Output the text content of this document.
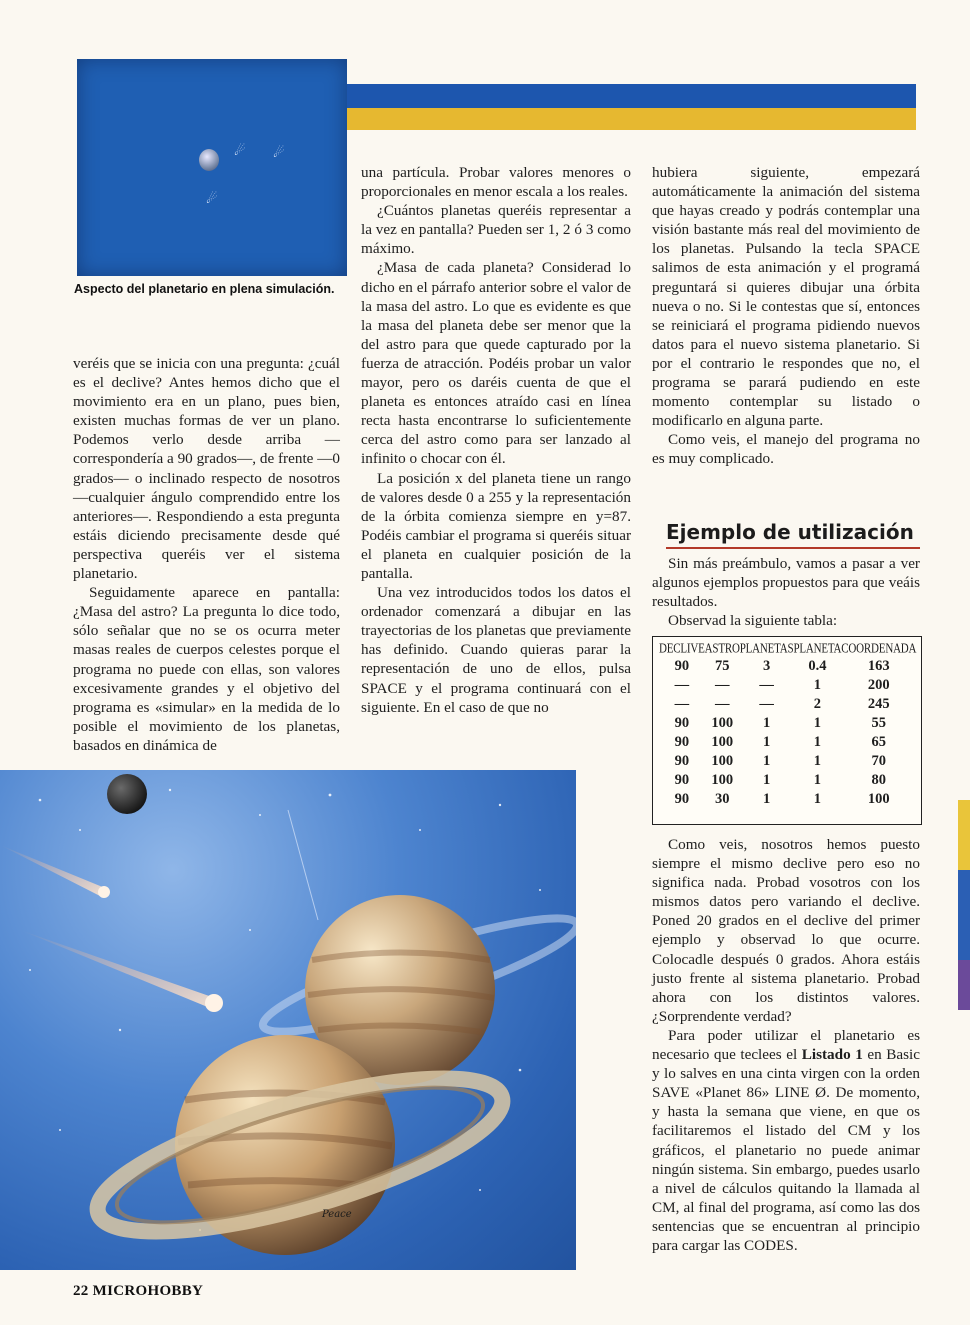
☄ ☄
☄
Aspecto del planetario en plena simulación.

veréis que se inicia con una pregunta: ¿cuál es el declive? Antes hemos dicho que el movimiento era en un plano, pues bien, existen muchas formas de ver un plano. Podemos verlo desde arriba —correspondería a 90 grados—, de frente —0 grados— o inclinado respecto de nosotros —cualquier ángulo comprendido entre los anteriores—. Respondiendo a esta pregunta estáis diciendo precisamente desde qué perspectiva queréis ver el sistema planetario.

Seguidamente aparece en pantalla: ¿Masa del astro? La pregunta lo dice todo, sólo señalar que no se os ocurra meter masas reales de cuerpos celestes porque el programa no puede con ellas, son valores excesivamente grandes y el objetivo del programa es «simular» en la medida de lo posible el movimiento de los planetas, basados en dinámica de

una partícula. Probar valores menores o proporcionales en menor escala a los reales.

¿Cuántos planetas queréis representar a la vez en pantalla? Pueden ser 1, 2 ó 3 como máximo.

¿Masa de cada planeta? Considerad lo dicho en el párrafo anterior sobre el valor de la masa del astro. Lo que es evidente es que la masa del planeta debe ser menor que la del astro para que quede capturado por la fuerza de atracción. Podéis probar un valor mayor, pero os daréis cuenta de que el planeta es entonces atraído casi en línea recta hasta encontrarse lo suficientemente cerca del astro como para ser lanzado al infinito o chocar con él.

La posición x del planeta tiene un rango de valores desde 0 a 255 y la representación de la órbita comienza siempre en y=87. Podéis cambiar el programa si queréis situar el planeta en cualquier posición de la pantalla.

Una vez introducidos todos los datos el ordenador comenzará a dibujar en las trayectorias de los planetas que previamente has definido. Cuando quieras parar la representación de uno de ellos, pulsa SPACE y el programa continuará con el siguiente. En el caso de que no

hubiera siguiente, empezará automáticamente la animación del sistema que hayas creado y podrás contemplar una visión bastante más real del movimiento de los planetas. Pulsando la tecla SPACE salimos de esta animación y el programá preguntará si quieres dibujar una órbita nueva o no. Si le contestas que sí, entonces se reiniciará el programa pidiendo nuevos datos para el nuevo sistema planetario. Si por el contrario le respondes que no, el programa se parará pudiendo en este momento contemplar su listado o modificarlo en alguna parte.

Como veis, el manejo del programa no es muy complicado.

Ejemplo de utilización

Sin más preámbulo, vamos a pasar a ver algunos ejemplos propuestos para que veáis resultados.

Observad la siguiente tabla:

DECLIVE	ASTRO	PLANETAS	PLANETA	COORDENADA
90	75	3	0.4	163
—	—	—	1	200
—	—	—	2	245
90	100	1	1	55
90	100	1	1	65
90	100	1	1	70
90	100	1	1	80
90	30	1	1	100

Como veis, nosotros hemos puesto siempre el mismo declive pero eso no significa nada. Probad vosotros con los mismos datos pero variando el declive. Poned 20 grados en el declive del primer ejemplo y observad lo que ocurre. Colocadle después 0 grados. Ahora estáis justo frente al sistema planetario. Probad ahora con los distintos valores. ¿Sorprendente verdad?

Para poder utilizar el planetario es necesario que teclees el Listado 1 en Basic y lo salves en una cinta virgen con la orden SAVE «Planet 86» LINE Ø. De momento, y hasta la semana que viene, en que os facilitaremos el listado del CM y los gráficos, el planetario no puede animar ningún sistema. Sin embargo, puedes usarlo a nivel de cálculos quitando la llamada al CM, al final del programa, así como las dos sentencias que se encuentran al principio para cargar las CODES.

Peace
22 MICROHOBBY
